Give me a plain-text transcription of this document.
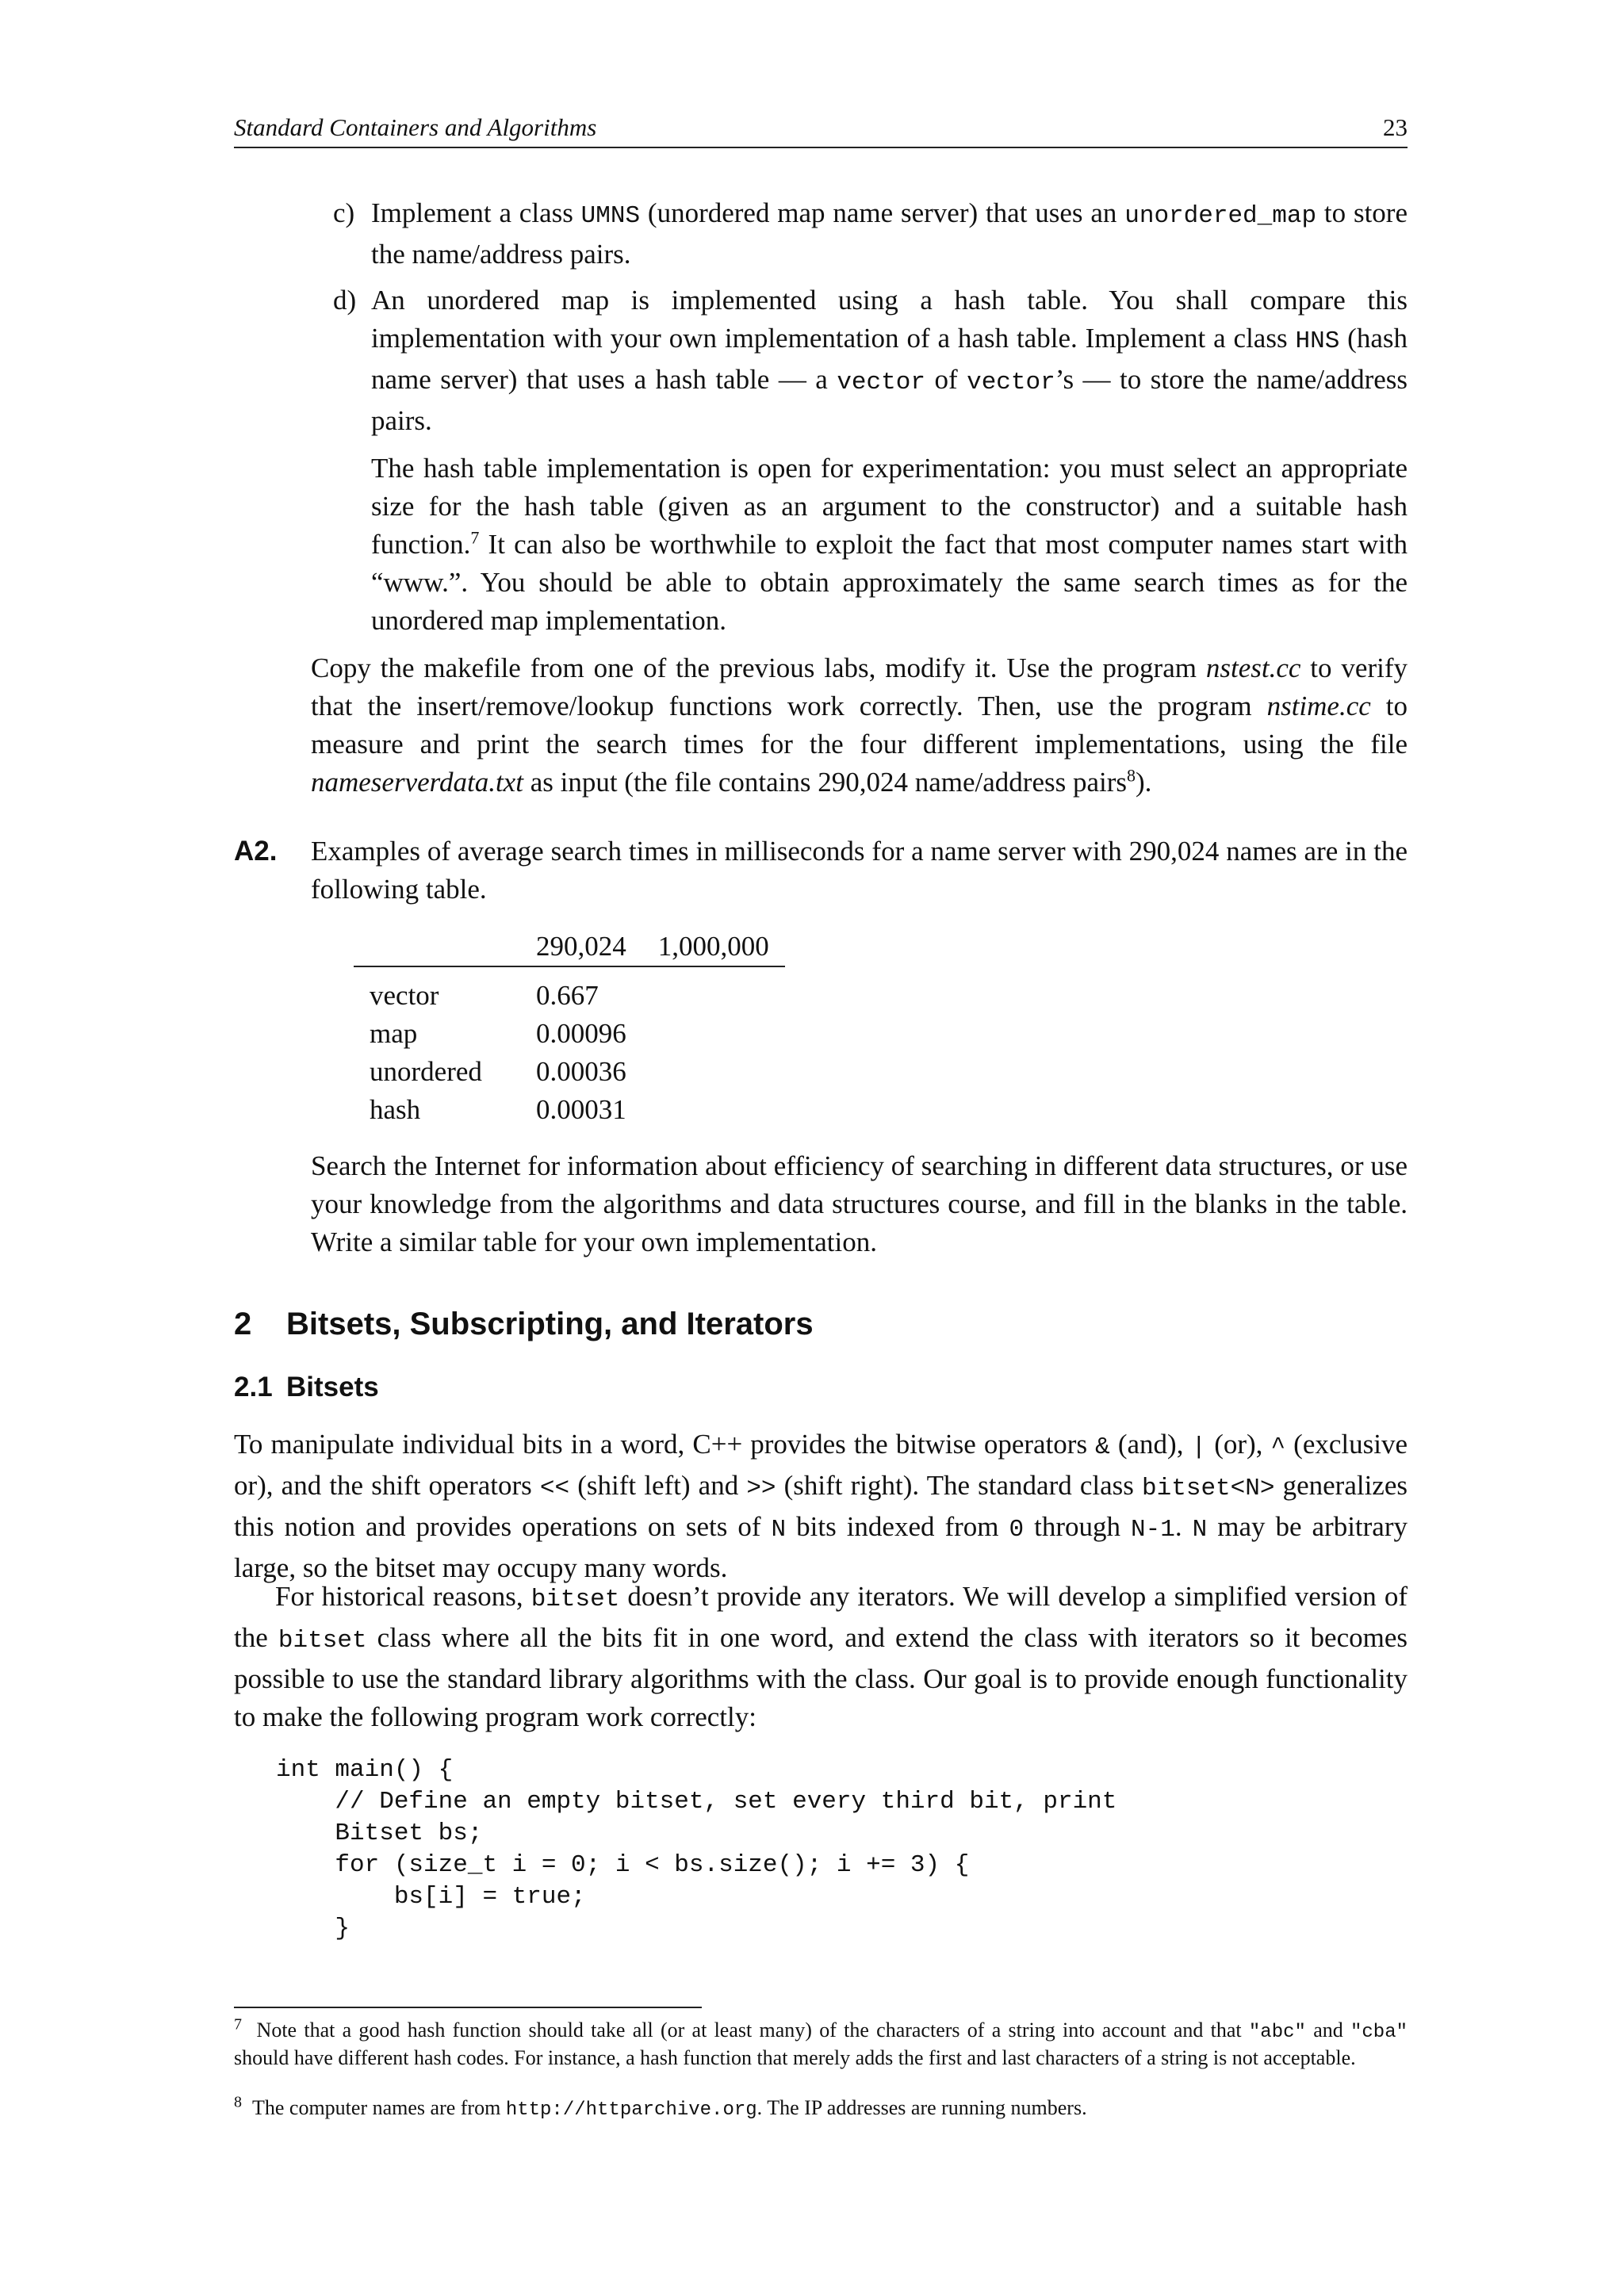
Standard Containers and Algorithms	23
c) Implement a class UMNS (unordered map name server) that uses an unordered_map to store the name/address pairs.
d) An unordered map is implemented using a hash table. You shall compare this implementation with your own implementation of a hash table. Implement a class HNS (hash name server) that uses a hash table — a vector of vector’s — to store the name/address pairs.

The hash table implementation is open for experimentation: you must select an appropriate size for the hash table (given as an argument to the constructor) and a suitable hash function.$^7$ It can also be worthwhile to exploit the fact that most computer names start with “www.”. You should be able to obtain approximately the same search times as for the unordered map implementation.

Copy the makefile from one of the previous labs, modify it. Use the program nstest.cc to verify that the insert/remove/lookup functions work correctly. Then, use the program nstime.cc to measure and print the search times for the four different implementations, using the file nameserverdata.txt as input (the file contains 290,024 name/address pairs$^8$).
A2. Examples of average search times in milliseconds for a name server with 290,024 names are in the following table.
	290,024	1,000,000
vector	0.667	
map	0.00096	
unordered	0.00036	
hash	0.00031	
Search the Internet for information about efficiency of searching in different data structures, or use your knowledge from the algorithms and data structures course, and fill in the blanks in the table. Write a similar table for your own implementation.
2 Bitsets, Subscripting, and Iterators
2.1 Bitsets
To manipulate individual bits in a word, C++ provides the bitwise operators & (and), | (or), ^ (exclusive or), and the shift operators << (shift left) and >> (shift right). The standard class bitset<N> generalizes this notion and provides operations on sets of N bits indexed from 0 through N-1. N may be arbitrary large, so the bitset may occupy many words.
For historical reasons, bitset doesn’t provide any iterators. We will develop a simplified version of the bitset class where all the bits fit in one word, and extend the class with iterators so it becomes possible to use the standard library algorithms with the class. Our goal is to provide enough functionality to make the following program work correctly:
int main() {
// Define an empty bitset, set every third bit, print
Bitset bs;
for (size_t i = 0; i < bs.size(); i += 3) {
bs[i] = true;
}
$^7$ Note that a good hash function should take all (or at least many) of the characters of a string into account and that "abc" and "cba" should have different hash codes. For instance, a hash function that merely adds the first and last characters of a string is not acceptable.
$^8$ The computer names are from http://httparchive.org. The IP addresses are running numbers.
